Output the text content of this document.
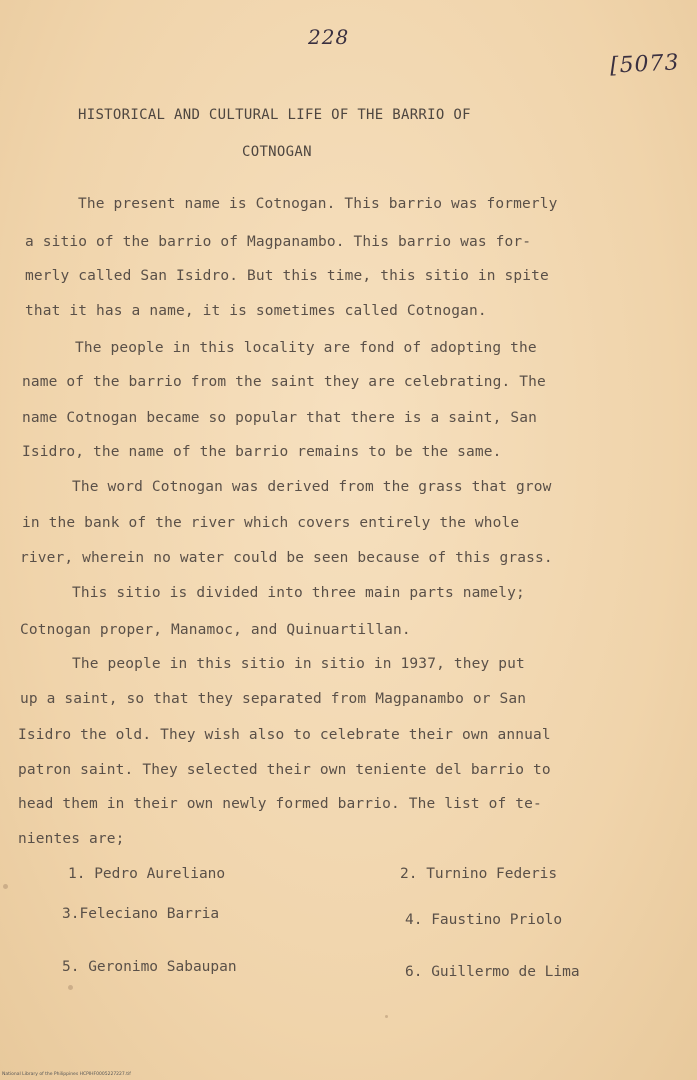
228
[5073
HISTORICAL AND CULTURAL LIFE OF THE BARRIO OF
COTNOGAN
The present name is Cotnogan. This barrio was formerly
a sitio of the barrio of Magpanambo. This barrio was for-
merly called San Isidro. But this time, this sitio in spite
that it has a name, it is sometimes called Cotnogan.
The people in this locality are fond of adopting the
name of the barrio from the saint they are celebrating. The
name Cotnogan became so popular that there is a saint, San
Isidro, the name of the barrio remains to be the same.
The word Cotnogan was derived from the grass that grow
in the bank of the river which covers entirely the whole
river, wherein no water could be seen because of this grass.
This sitio is divided into three main parts namely;
Cotnogan proper, Manamoc, and Quinuartillan.
The people in this sitio in sitio in 1937, they put
up a saint, so that they separated from Magpanambo or San
Isidro the old. They wish also to celebrate their own annual
patron saint. They selected their own teniente del barrio to
head them in their own newly formed barrio. The list of te-
nientes are;
1. Pedro Aureliano	2. Turnino Federis
3.Feleciano Barria	4. Faustino Priolo
5. Geronimo Sabaupan	6. Guillermo de Lima
National Library of the Philippines HCPIHF0005227227.tif
